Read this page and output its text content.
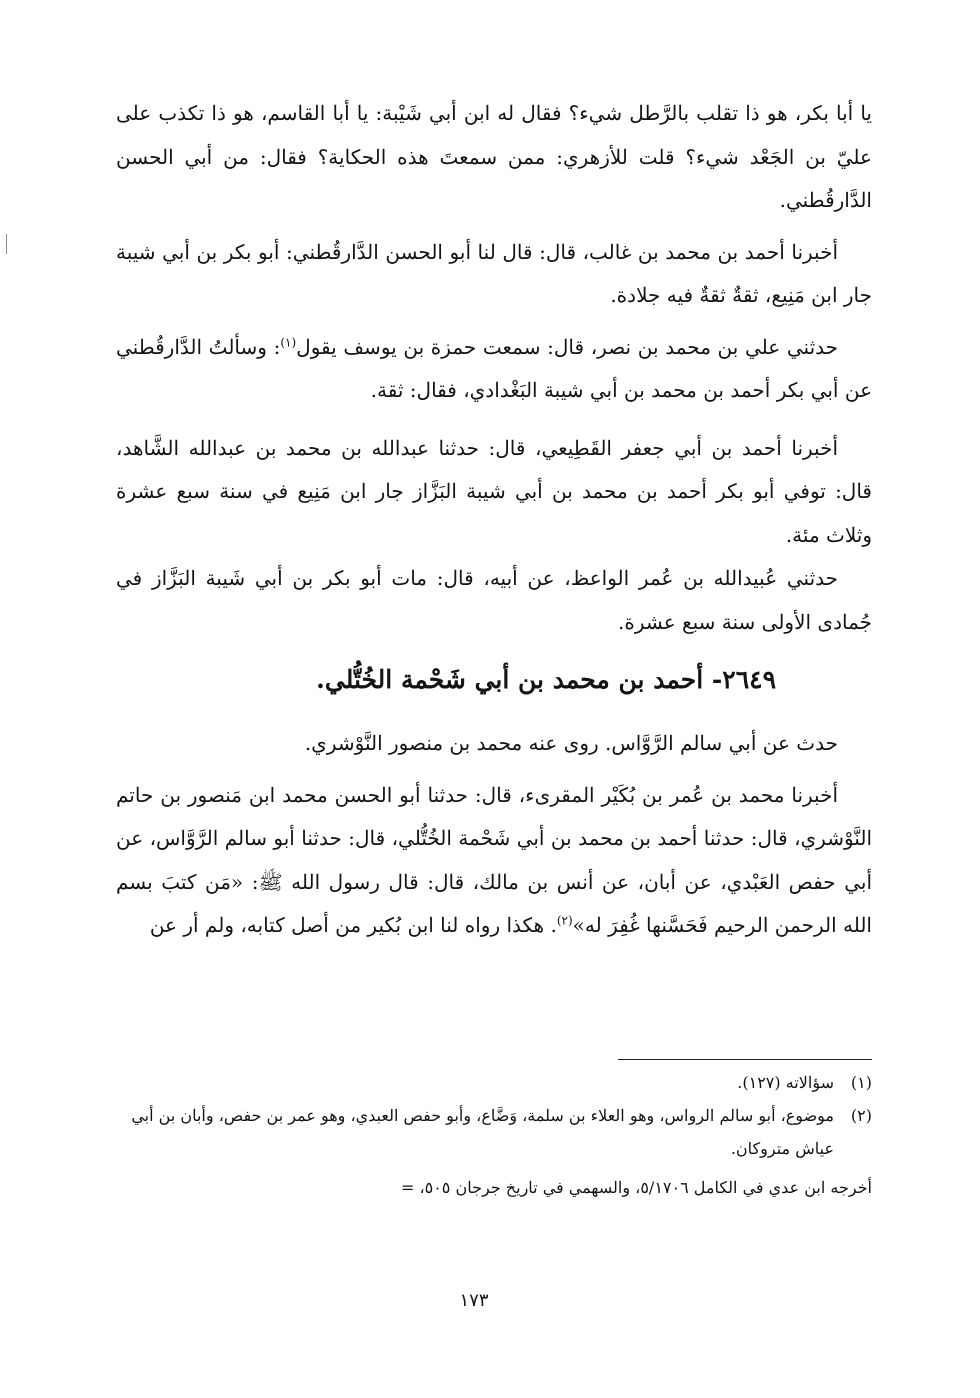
يا أبا بكر، هو ذا تقلب بالرَّطل شيء؟ فقال له ابن أبي شَيْبة: يا أبا القاسم، هو ذا تكذب على عليّ بن الجَعْد شيء؟ قلت للأزهري: ممن سمعتَ هذه الحكاية؟ فقال: من أبي الحسن الدَّارقُطني.

أخبرنا أحمد بن محمد بن غالب، قال: قال لنا أبو الحسن الدَّارقُطني: أبو بكر بن أبي شيبة جار ابن مَنِيع، ثقةٌ ثقةٌ فيه جلادة.

حدثني علي بن محمد بن نصر، قال: سمعت حمزة بن يوسف يقول$^{(١)}$: وسألتُ الدَّارقُطني عن أبي بكر أحمد بن محمد بن أبي شيبة البَغْدادي، فقال: ثقة.

أخبرنا أحمد بن أبي جعفر القَطِيعي، قال: حدثنا عبدالله بن محمد بن عبدالله الشَّاهد، قال: توفي أبو بكر أحمد بن محمد بن أبي شيبة البَزَّاز جار ابن مَنِيع في سنة سبع عشرة وثلاث مئة.

حدثني عُبيدالله بن عُمر الواعظ، عن أبيه، قال: مات أبو بكر بن أبي شَيبة البَزَّاز في جُمادى الأولى سنة سبع عشرة.

٢٦٤٩- أحمد بن محمد بن أبي شَحْمة الخُتُّلي.

حدث عن أبي سالم الرَّوَّاس. روى عنه محمد بن منصور النَّوْشري.

أخبرنا محمد بن عُمر بن بُكَيْر المقرىء، قال: حدثنا أبو الحسن محمد ابن مَنصور بن حاتم النَّوْشري، قال: حدثنا أحمد بن محمد بن أبي شَحْمة الخُتُّلي، قال: حدثنا أبو سالم الرَّوَّاس، عن أبي حفص العَبْدي، عن أبان، عن أنس بن مالك، قال: قال رسول الله ﷺ: «مَن كتبَ بسم الله الرحمن الرحيم فَحَسَّنها غُفِرَ له»$^{(٢)}$. هكذا رواه لنا ابن بُكير من أصل كتابه، ولم أر عن

(١)
سؤالاته (١٢٧).
(٢)
موضوع، أبو سالم الرواس، وهو العلاء بن سلمة، وَضَّاع، وأبو حفص العبدي، وهو عمر بن حفص، وأبان بن أبي عياش متروكان.
أخرجه ابن عدي في الكامل ٥/١٧٠٦، والسهمي في تاريخ جرجان ٥٠٥، =
١٧٣
